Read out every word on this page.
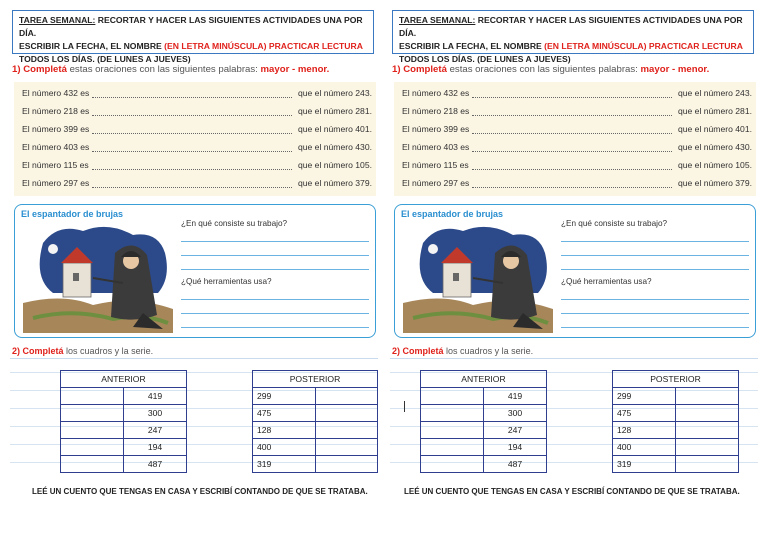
TAREA SEMANAL: RECORTAR Y HACER LAS SIGUIENTES ACTIVIDADES UNA POR DÍA.
ESCRIBIR LA FECHA, EL NOMBRE (EN LETRA MINÚSCULA) PRACTICAR LECTURA
TODOS LOS DÍAS. (DE LUNES A JUEVES)
1) Completá estas oraciones con las siguientes palabras: mayor - menor.
El número 432 es	que el número 243.
El número 218 es	que el número 281.
El número 399 es	que el número 401.
El número 403 es	que el número 430.
El número 115 es	que el número 105.
El número 297 es	que el número 379.
El espantador de brujas
¿En qué consiste su trabajo?
¿Qué herramientas usa?
2) Completá los cuadros y la serie.
ANTERIOR	
	419
	300
	247
	194
	487
POSTERIOR	
299	
475	
128	
400	
319	
LEÉ UN CUENTO QUE TENGAS EN CASA Y ESCRIBÍ CONTANDO DE QUE SE TRATABA.
TAREA SEMANAL: RECORTAR Y HACER LAS SIGUIENTES ACTIVIDADES UNA POR DÍA.
ESCRIBIR LA FECHA, EL NOMBRE (EN LETRA MINÚSCULA) PRACTICAR LECTURA
TODOS LOS DÍAS. (DE LUNES A JUEVES)
1) Completá estas oraciones con las siguientes palabras: mayor - menor.
El número 432 es	que el número 243.
El número 218 es	que el número 281.
El número 399 es	que el número 401.
El número 403 es	que el número 430.
El número 115 es	que el número 105.
El número 297 es	que el número 379.
El espantador de brujas
¿En qué consiste su trabajo?
¿Qué herramientas usa?
2) Completá los cuadros y la serie.
ANTERIOR	
	419
	300
	247
	194
	487
POSTERIOR	
299	
475	
128	
400	
319	
LEÉ UN CUENTO QUE TENGAS EN CASA Y ESCRIBÍ CONTANDO DE QUE SE TRATABA.
